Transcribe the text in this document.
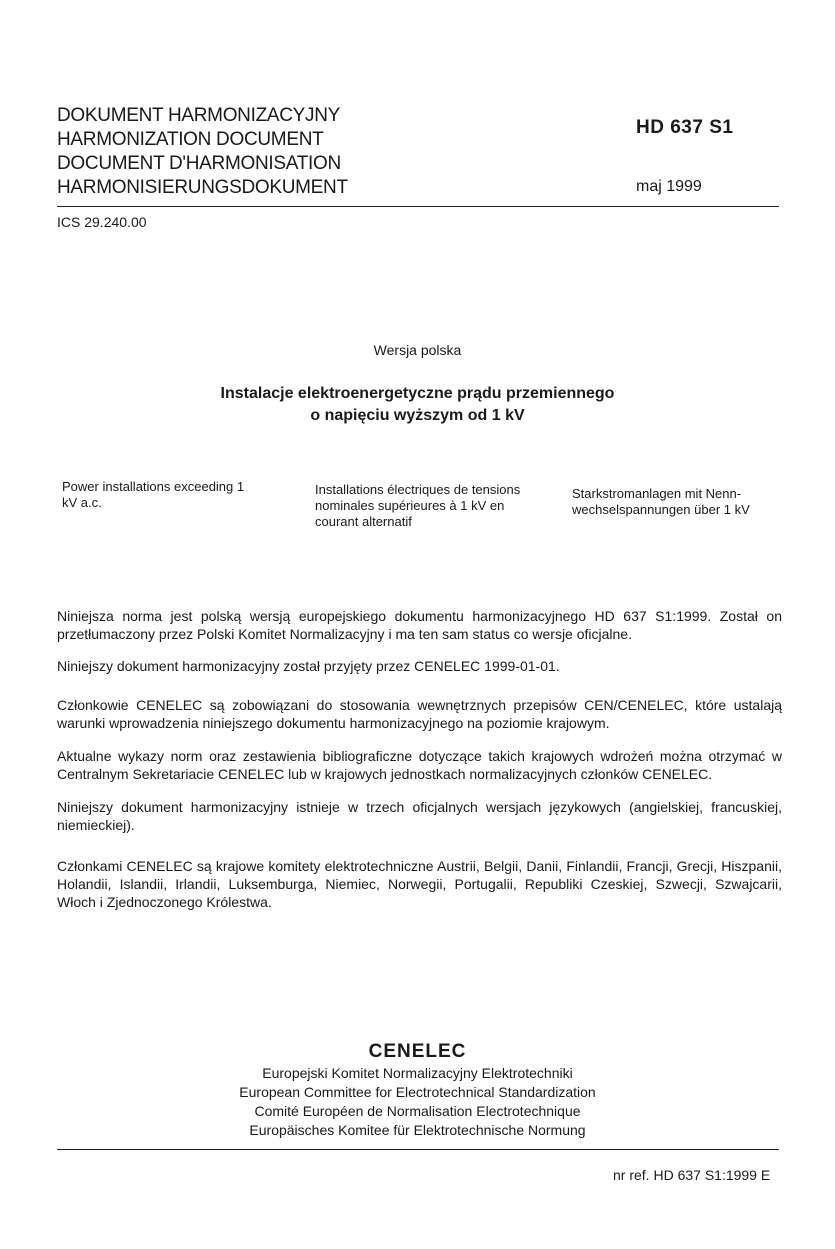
DOKUMENT HARMONIZACYJNY

HARMONIZATION DOCUMENT

DOCUMENT D'HARMONISATION

HARMONISIERUNGSDOKUMENT

HD 637 S1
maj 1999
ICS 29.240.00
Wersja polska
Instalacje elektroenergetyczne prądu przemiennego
o napięciu wyższym od 1 kV
Power installations exceeding 1 kV a.c.
Installations électriques de tensions nominales supérieures à 1 kV en courant alternatif
Starkstromanlagen mit Nenn-wechselspannungen über 1 kV
Niniejsza norma jest polską wersją europejskiego dokumentu harmonizacyjnego HD 637 S1:1999. Został on przetłumaczony przez Polski Komitet Normalizacyjny i ma ten sam status co wersje oficjalne.
Niniejszy dokument harmonizacyjny został przyjęty przez CENELEC 1999-01-01.
Członkowie CENELEC są zobowiązani do stosowania wewnętrznych przepisów CEN/CENELEC, które ustalają warunki wprowadzenia niniejszego dokumentu harmonizacyjnego na poziomie krajowym.
Aktualne wykazy norm oraz zestawienia bibliograficzne dotyczące takich krajowych wdrożeń można otrzymać w Centralnym Sekretariacie CENELEC lub w krajowych jednostkach normalizacyjnych członków CENELEC.
Niniejszy dokument harmonizacyjny istnieje w trzech oficjalnych wersjach językowych (angielskiej, francuskiej, niemieckiej).
Członkami CENELEC są krajowe komitety elektrotechniczne Austrii, Belgii, Danii, Finlandii, Francji, Grecji, Hiszpanii, Holandii, Islandii, Irlandii, Luksemburga, Niemiec, Norwegii, Portugalii, Republiki Czeskiej, Szwecji, Szwajcarii, Włoch i Zjednoczonego Królestwa.
CENELEC

Europejski Komitet Normalizacyjny Elektrotechniki

European Committee for Electrotechnical Standardization

Comité Européen de Normalisation Electrotechnique

Europäisches Komitee für Elektrotechnische Normung

nr ref. HD 637 S1:1999 E
